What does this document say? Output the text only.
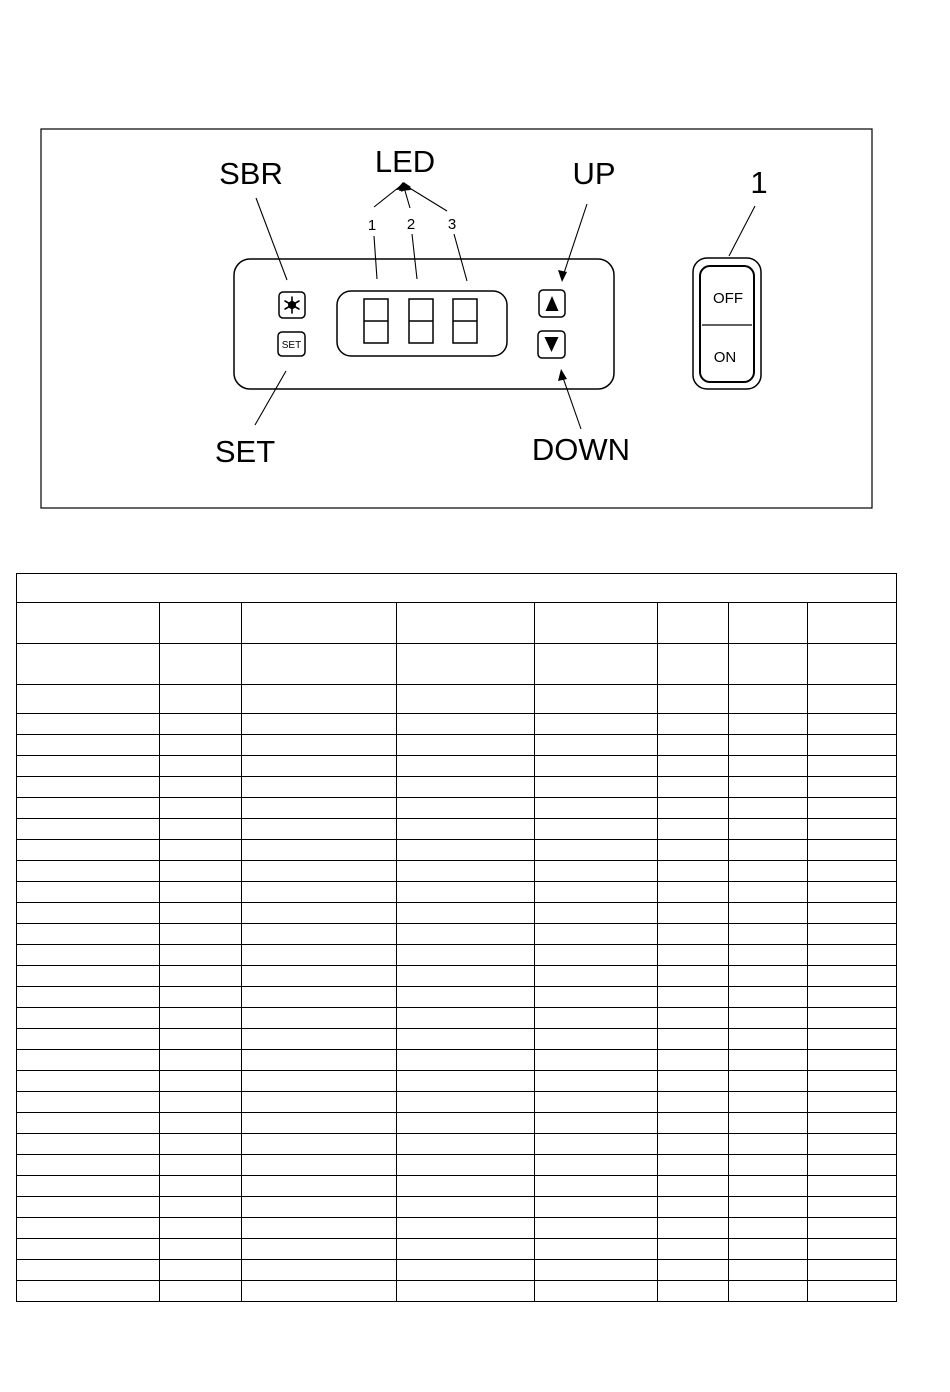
SET
OFF
ON
SBR	LED	UP	1
SET	DOWN
1 2 3
